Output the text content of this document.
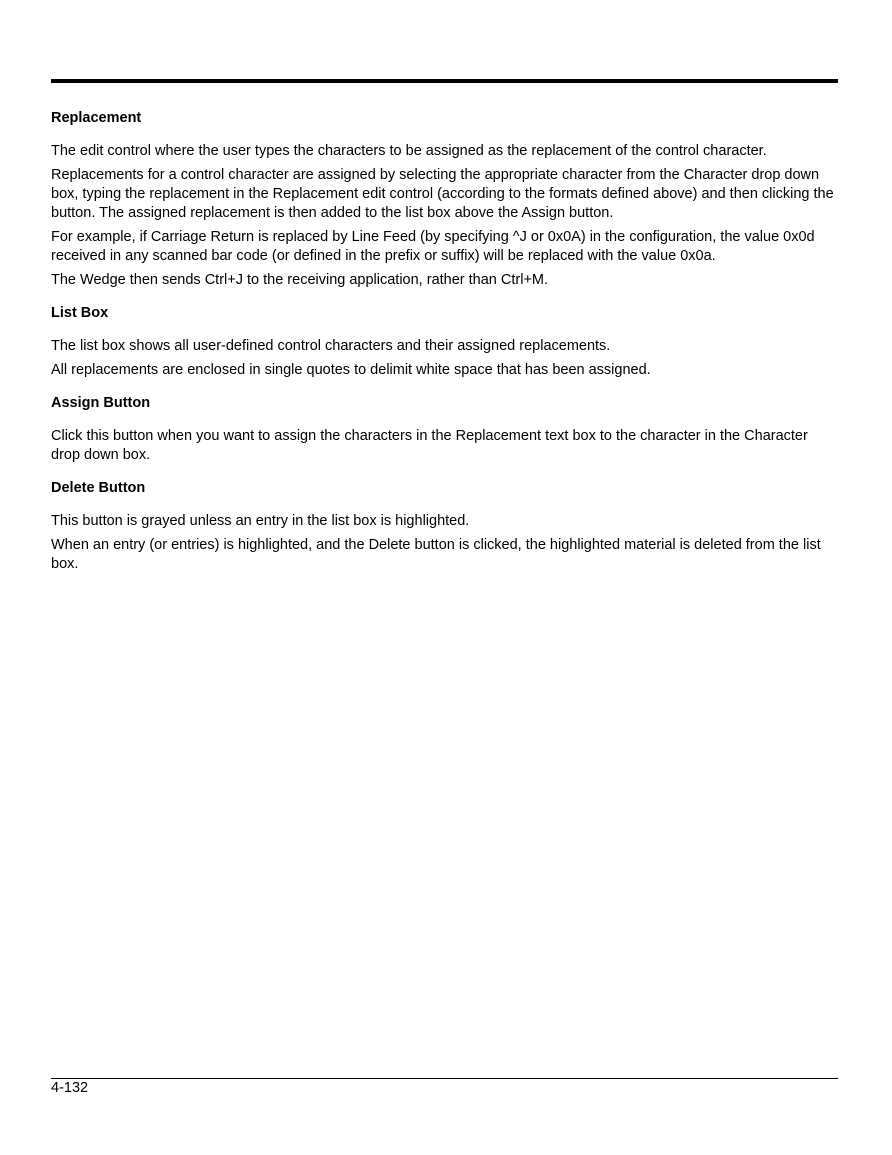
Replacement

The edit control where the user types the characters to be assigned as the replacement of the control character.

Replacements for a control character are assigned by selecting the appropriate character from the Character drop down box, typing the replacement in the Replacement edit control (according to the formats defined above) and then clicking the button. The assigned replacement is then added to the list box above the Assign button.

For example, if Carriage Return is replaced by Line Feed (by specifying ^J or 0x0A) in the configuration, the value 0x0d received in any scanned bar code (or defined in the prefix or suffix) will be replaced with the value 0x0a.

The Wedge then sends Ctrl+J to the receiving application, rather than Ctrl+M.

List Box

The list box shows all user-defined control characters and their assigned replacements.

All replacements are enclosed in single quotes to delimit white space that has been assigned.

Assign Button

Click this button when you want to assign the characters in the Replacement text box to the character in the Character drop down box.

Delete Button

This button is grayed unless an entry in the list box is highlighted.

When an entry (or entries) is highlighted, and the Delete button is clicked, the highlighted material is deleted from the list box.

4-132
